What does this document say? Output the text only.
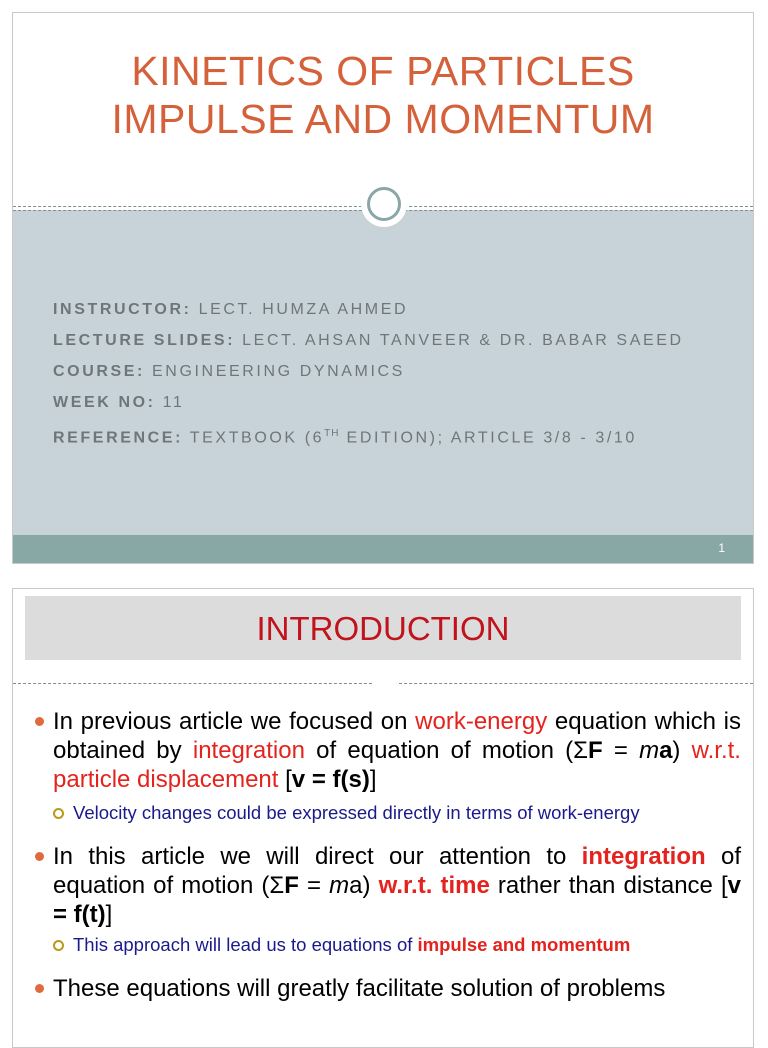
KINETICS OF PARTICLES
IMPULSE AND MOMENTUM
INSTRUCTOR: LECT. HUMZA AHMED
LECTURE SLIDES: LECT. AHSAN TANVEER & DR. BABAR SAEED
COURSE: ENGINEERING DYNAMICS
WEEK NO: 11
REFERENCE: TEXTBOOK (6TH EDITION); ARTICLE 3/8 - 3/10
1
INTRODUCTION
In previous article we focused on work-energy equation which is obtained by integration of equation of motion (ΣF = ma) w.r.t. particle displacement [v = f(s)]
Velocity changes could be expressed directly in terms of work-energy
In this article we will direct our attention to integration of equation of motion (ΣF = ma) w.r.t. time rather than distance [v = f(t)]
This approach will lead us to equations of impulse and momentum
These equations will greatly facilitate solution of problems
